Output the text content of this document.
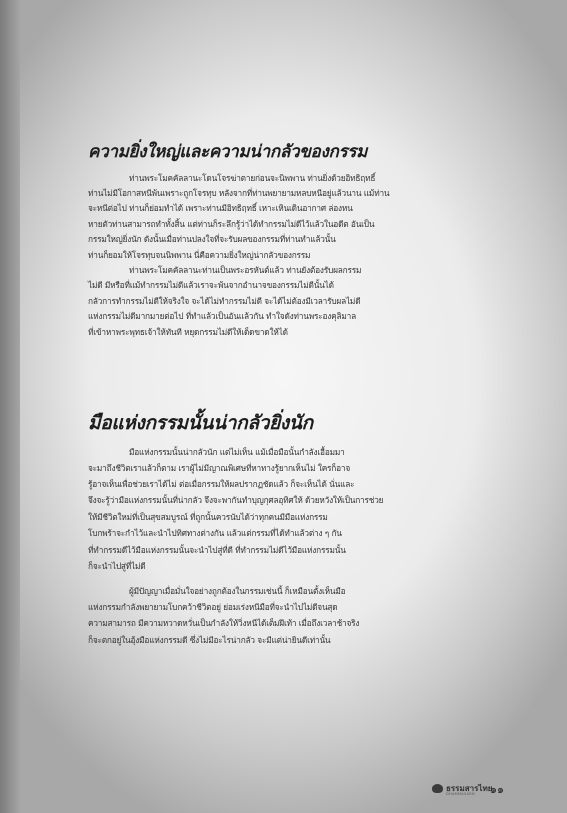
ความยิ่งใหญ่และความน่ากลัวของกรรม

ท่านพระโมคคัลลานะโดนโจรฆ่าตายก่อนจะนิพพาน ท่านยิ่งด้วยอิทธิฤทธิ์

ท่านไม่มีโอกาสหนีพ้นเพราะถูกโจรทุบ หลังจากที่ท่านพยายามหลบหนีอยู่แล้วนาน แม้ท่าน

จะหนีต่อไป ท่านก็ย่อมทำได้ เพราะท่านมีอิทธิฤทธิ์ เหาะเหินเดินอากาศ ล่องหน

หายตัวท่านสามารถทำทั้งสิ้น แต่ท่านก็ระลึกรู้ว่าได้ทำกรรมไม่ดีไว้แล้วในอดีต อันเป็น

กรรมใหญ่ยิ่งนัก ดังนั้นเมื่อท่านปลงใจที่จะรับผลของกรรมที่ท่านทำแล้วนั้น

ท่านก็ยอมให้โจรทุบจนนิพพาน นี่คือความยิ่งใหญ่น่ากลัวของกรรม

ท่านพระโมคคัลลานะท่านเป็นพระอรหันต์แล้ว ท่านยังต้องรับผลกรรม

ไม่ดี มีหรือที่แม้ทำกรรมไม่ดีแล้วเราจะพ้นจากอำนาจของกรรมไม่ดีนั้นได้

กลัวการทำกรรมไม่ดีให้จริงใจ จะได้ไม่ทำกรรมไม่ดี จะได้ไม่ต้องมีเวลารับผลไม่ดี

แห่งกรรมไม่ดีมากมายต่อไป ที่ทำแล้วเป็นอันแล้วกัน ทำใจดังท่านพระองคุลิมาล

ที่เข้าหาพระพุทธเจ้าให้ทันที หยุดกรรมไม่ดีให้เด็ดขาดให้ได้

มือแห่งกรรมนั้นน่ากลัวยิ่งนัก

มือแห่งกรรมนั้นน่ากลัวนัก แต่ไม่เห็น แม้เมื่อมือนั้นกำลังเอื้อมมา

จะมาถึงชีวิตเราแล้วก็ตาม เราผู้ไม่มีญาณพิเศษที่หาทางรู้ยากเห็นไม่ ใครก็อาจ

รู้อาจเห็นเพื่อช่วยเราได้ไม่ ต่อเมื่อกรรมให้ผลปรากฏชัดแล้ว ก็จะเห็นได้ นั่นและ

จึงจะรู้ว่ามือแห่งกรรมนั้นที่น่ากลัว จึงจะพากันทำบุญกุศลอุทิศให้ ด้วยหวังให้เป็นการช่วย

ให้มีชีวิตใหม่ที่เป็นสุขสมบูรณ์ ที่ถูกนั้นควรนับได้ว่าทุกคนมีมือแห่งกรรม

โบกพร้าจะกำไว้และนำไปทิศทางต่างกัน แล้วแต่กรรมที่ได้ทำแล้วต่าง ๆ กัน

ที่ทำกรรมดีไว้มือแห่งกรรมนั้นจะนำไปสู่ที่ดี ที่ทำกรรมไม่ดีไว้มือแห่งกรรมนั้น

ก็จะนำไปสู่ที่ไม่ดี

ผู้มีปัญญาเมื่อมั่นใจอย่างถูกต้องในกรรมเช่นนี้ ก็เหมือนตั้งเห็นมือ

แห่งกรรมกำลังพยายามโบกคว้าชีวิตอยู่ ย่อมเร่งหนีมือที่จะนำไปไม่ดีจนสุด

ความสามารถ มีความหวาดหวั่นเป็นกำลังให้วิ่งหนีได้เต็มฝีเท้า เมื่อถึงเวลาช้าจริง

ก็จะตกอยู่ในอุ้งมือแห่งกรรมดี ซึ่งไม่มีอะไรน่ากลัว จะมีแต่น่ายินดีเท่านั้น

ธรรมสารไทย
DHAMMASARN ๑๑
